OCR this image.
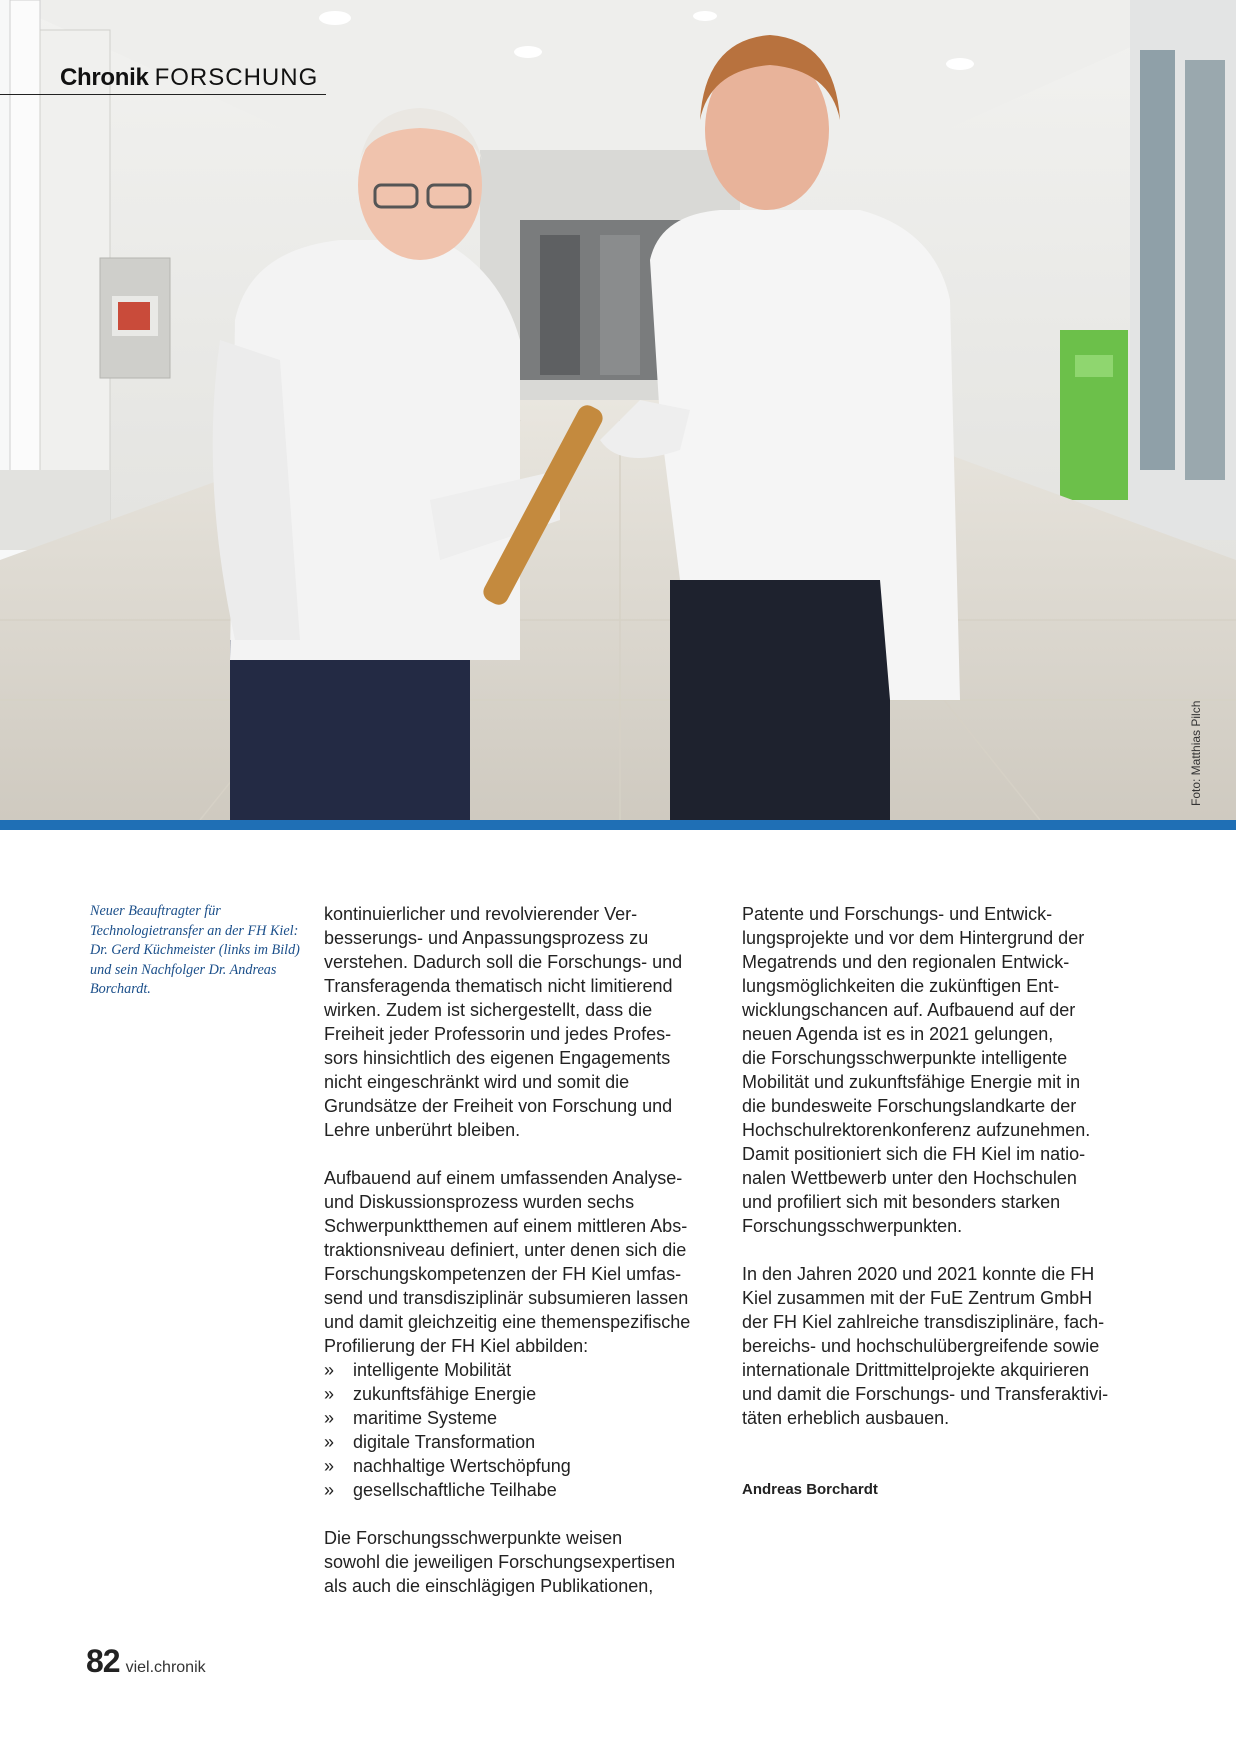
Chronik FORSCHUNG
Foto: Matthias Pilch
Neuer Beauftragter für Technologietransfer an der FH Kiel: Dr. Gerd Küchmeister (links im Bild) und sein Nachfolger Dr. Andreas Borchardt.

kontinuierlicher und revolvierender Ver-
besserungs- und Anpassungsprozess zu
verstehen. Dadurch soll die Forschungs- und
Transferagenda thematisch nicht limitierend
wirken. Zudem ist sichergestellt, dass die
Freiheit jeder Professorin und jedes Profes-
sors hinsichtlich des eigenen Engagements
nicht eingeschränkt wird und somit die
Grundsätze der Freiheit von Forschung und
Lehre unberührt bleiben.

Aufbauend auf einem umfassenden Analyse-
und Diskussionsprozess wurden sechs
Schwerpunktthemen auf einem mittleren Abs-
traktionsniveau definiert, unter denen sich die
Forschungskompetenzen der FH Kiel umfas-
send und transdisziplinär subsumieren lassen
und damit gleichzeitig eine themenspezifische
Profilierung der FH Kiel abbilden:

»	intelligente Mobilität
»	zukunftsfähige Energie
»	maritime Systeme
»	digitale Transformation
»	nachhaltige Wertschöpfung
»	gesellschaftliche Teilhabe

Die Forschungsschwerpunkte weisen
sowohl die jeweiligen Forschungsexpertisen
als auch die einschlägigen Publikationen,

Patente und Forschungs- und Entwick-
lungsprojekte und vor dem Hintergrund der
Megatrends und den regionalen Entwick-
lungsmöglichkeiten die zukünftigen Ent-
wicklungschancen auf. Aufbauend auf der
neuen Agenda ist es in 2021 gelungen,
die Forschungsschwerpunkte intelligente
Mobilität und zukunftsfähige Energie mit in
die bundesweite Forschungslandkarte der
Hochschulrektorenkonferenz aufzunehmen.
Damit positioniert sich die FH Kiel im natio-
nalen Wettbewerb unter den Hochschulen
und profiliert sich mit besonders starken
Forschungsschwerpunkten.

In den Jahren 2020 und 2021 konnte die FH
Kiel zusammen mit der FuE Zentrum GmbH
der FH Kiel zahlreiche transdisziplinäre, fach-
bereichs- und hochschulübergreifende sowie
internationale Drittmittelprojekte akquirieren
und damit die Forschungs- und Transferaktivi-
täten erheblich ausbauen.

Andreas Borchardt

82 viel.chronik
